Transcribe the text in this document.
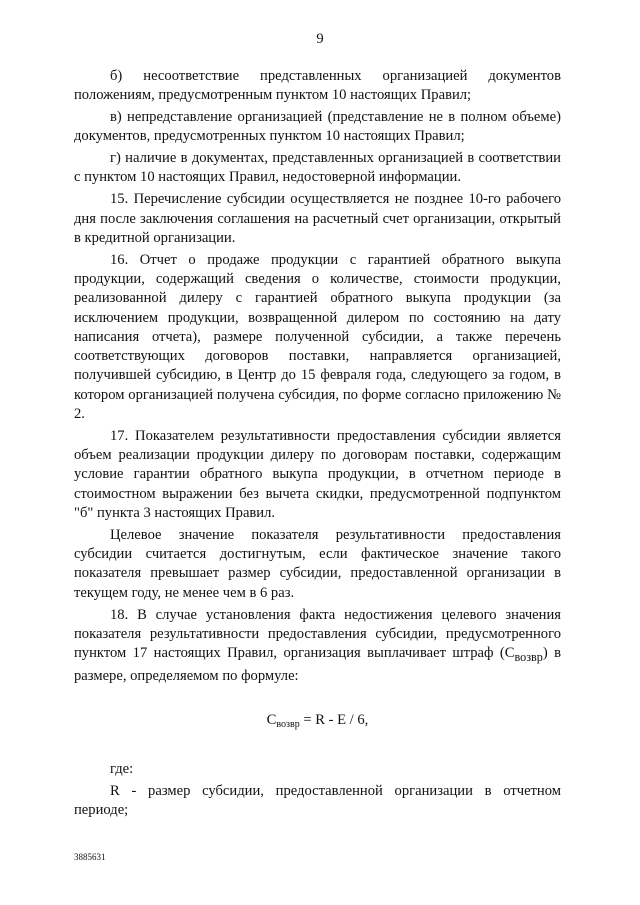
9

б) несоответствие представленных организацией документов положениям, предусмотренным пунктом 10 настоящих Правил;

в) непредставление организацией (представление не в полном объеме) документов, предусмотренных пунктом 10 настоящих Правил;

г) наличие в документах, представленных организацией в соответствии с пунктом 10 настоящих Правил, недостоверной информации.

15. Перечисление субсидии осуществляется не позднее 10-го рабочего дня после заключения соглашения на расчетный счет организации, открытый в кредитной организации.

16. Отчет о продаже продукции с гарантией обратного выкупа продукции, содержащий сведения о количестве, стоимости продукции, реализованной дилеру с гарантией обратного выкупа продукции (за исключением продукции, возвращенной дилером по состоянию на дату написания отчета), размере полученной субсидии, а также перечень соответствующих договоров поставки, направляется организацией, получившей субсидию, в Центр до 15 февраля года, следующего за годом, в котором организацией получена субсидия, по форме согласно приложению № 2.

17. Показателем результативности предоставления субсидии является объем реализации продукции дилеру по договорам поставки, содержащим условие гарантии обратного выкупа продукции, в отчетном периоде в стоимостном выражении без вычета скидки, предусмотренной подпунктом "б" пункта 3 настоящих Правил.

Целевое значение показателя результативности предоставления субсидии считается достигнутым, если фактическое значение такого показателя превышает размер субсидии, предоставленной организации в текущем году, не менее чем в 6 раз.

18. В случае установления факта недостижения целевого значения показателя результативности предоставления субсидии, предусмотренного пунктом 17 настоящих Правил, организация выплачивает штраф $(С_{возвр})$ в размере, определяемом по формуле:

$С_{возвр} = R - E / 6$,

где:

R - размер субсидии, предоставленной организации в отчетном периоде;

3885631
